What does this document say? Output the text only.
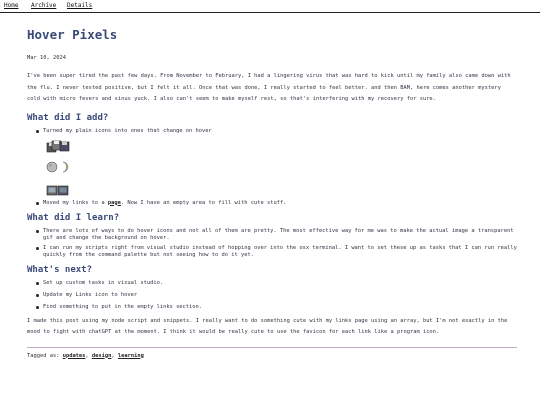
Home Archive Details
Hover Pixels
Mar 10, 2024

I've been super tired the past few days. From November to February, I had a lingering virus that was hard to kick until my family also came down with the flu. I never tested positive, but I felt it all. Once that was done, I really started to feel better. and then BAM, here comes another mystery cold with micro fevers and sinus yuck. I also can't seem to make myself rest, so that's interfering with my recovery for sure.

What did I add?
Turned my plain icons into ones that change on hover
Moved my links to a page. Now I have an empty area to fill with cute stuff.
What did I learn?
There are lots of ways to do hover icons and not all of them are pretty. The most effective way for me was to make the actual image a transparent gif and change the background on hover.
I can run my scripts right from visual studio instead of hopping over into the osx terminal. I want to set these up as tasks that I can run really quickly from the command palette but not seeing how to do it yet.
What's next?
Set up custom tasks in visual studio.
Update my Links icon to hover
Find something to put in the empty links section.

I made this post using my node script and snippets. I really want to do something cute with my links page using an array, but I'm not exactly in the mood to fight with chatGPT at the moment. I think it would be really cute to use the favicon for each link like a program icon.

Tagged as: updates, design, learning
